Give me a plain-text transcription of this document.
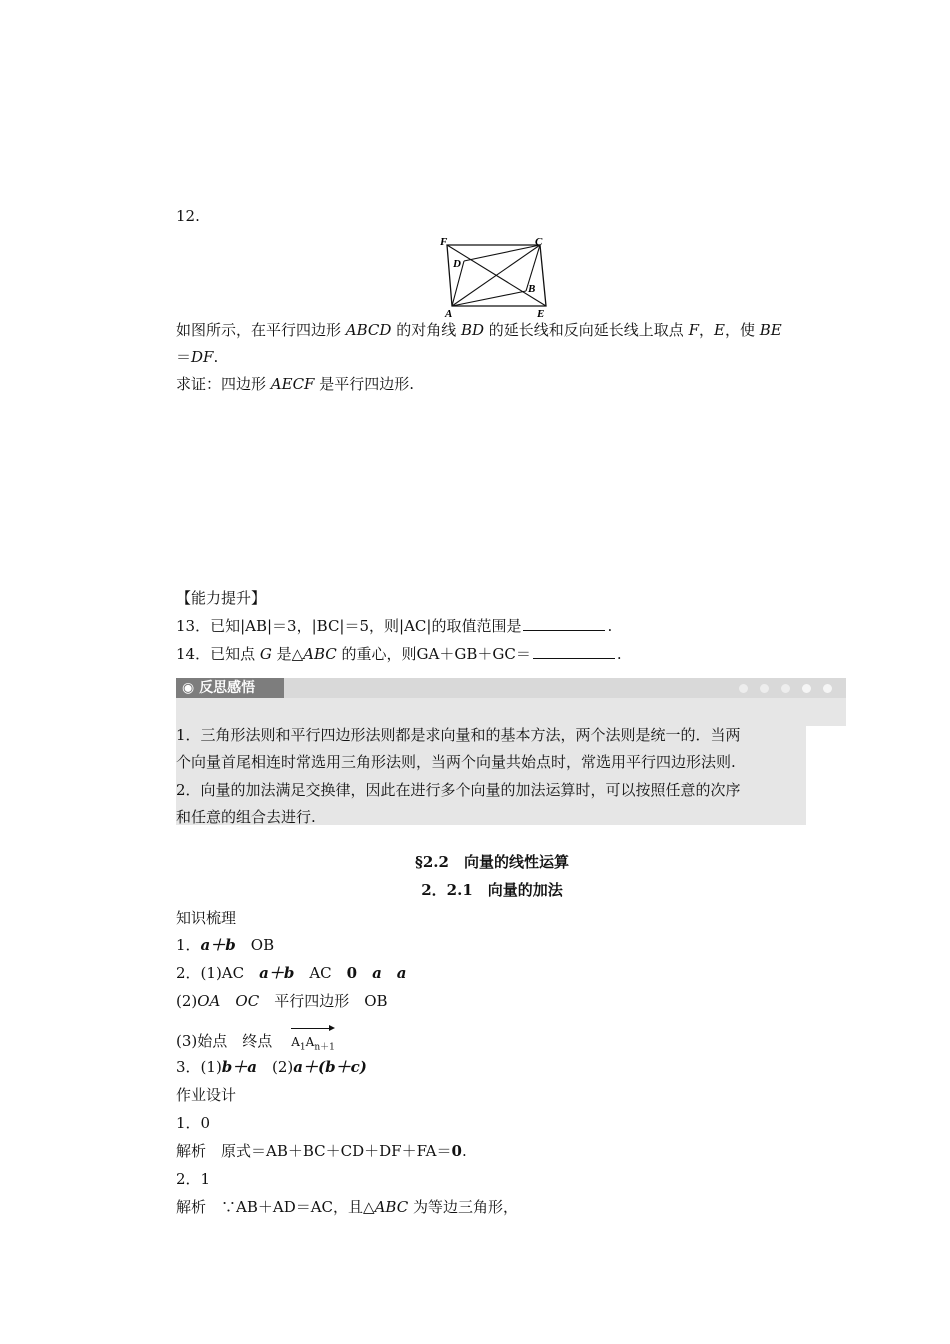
12.
F	C
D
B
A	E
如图所示，在平行四边形 ABCD 的对角线 BD 的延长线和反向延长线上取点 F，E，使 BE
＝DF.
求证：四边形 AECF 是平行四边形.
【能力提升】
13．已知|AB|＝3，|BC|＝5，则|AC|的取值范围是	.
14．已知点 G 是△ABC 的重心，则GA＋GB＋GC＝	.
◉ 反思感悟
1．三角形法则和平行四边形法则都是求向量和的基本方法，两个法则是统一的．当两
个向量首尾相连时常选用三角形法则，当两个向量共始点时，常选用平行四边形法则.
2．向量的加法满足交换律，因此在进行多个向量的加法运算时，可以按照任意的次序
和任意的组合去进行.
§2.2　向量的线性运算
2．2.1　向量的加法
知识梳理
1．a＋b　OB
2．(1)AC　a＋b　AC　0　a　a
(2)OA　 OC　平行四边形　OB
(3)始点　终点　$A_1A_{n+1}$
3．(1)b＋a　(2)a＋(b＋c)
作业设计
1．0
解析　原式＝AB＋BC＋CD＋DF＋FA＝0.
2．1
解析　∵AB＋AD＝AC，且△ABC 为等边三角形，
